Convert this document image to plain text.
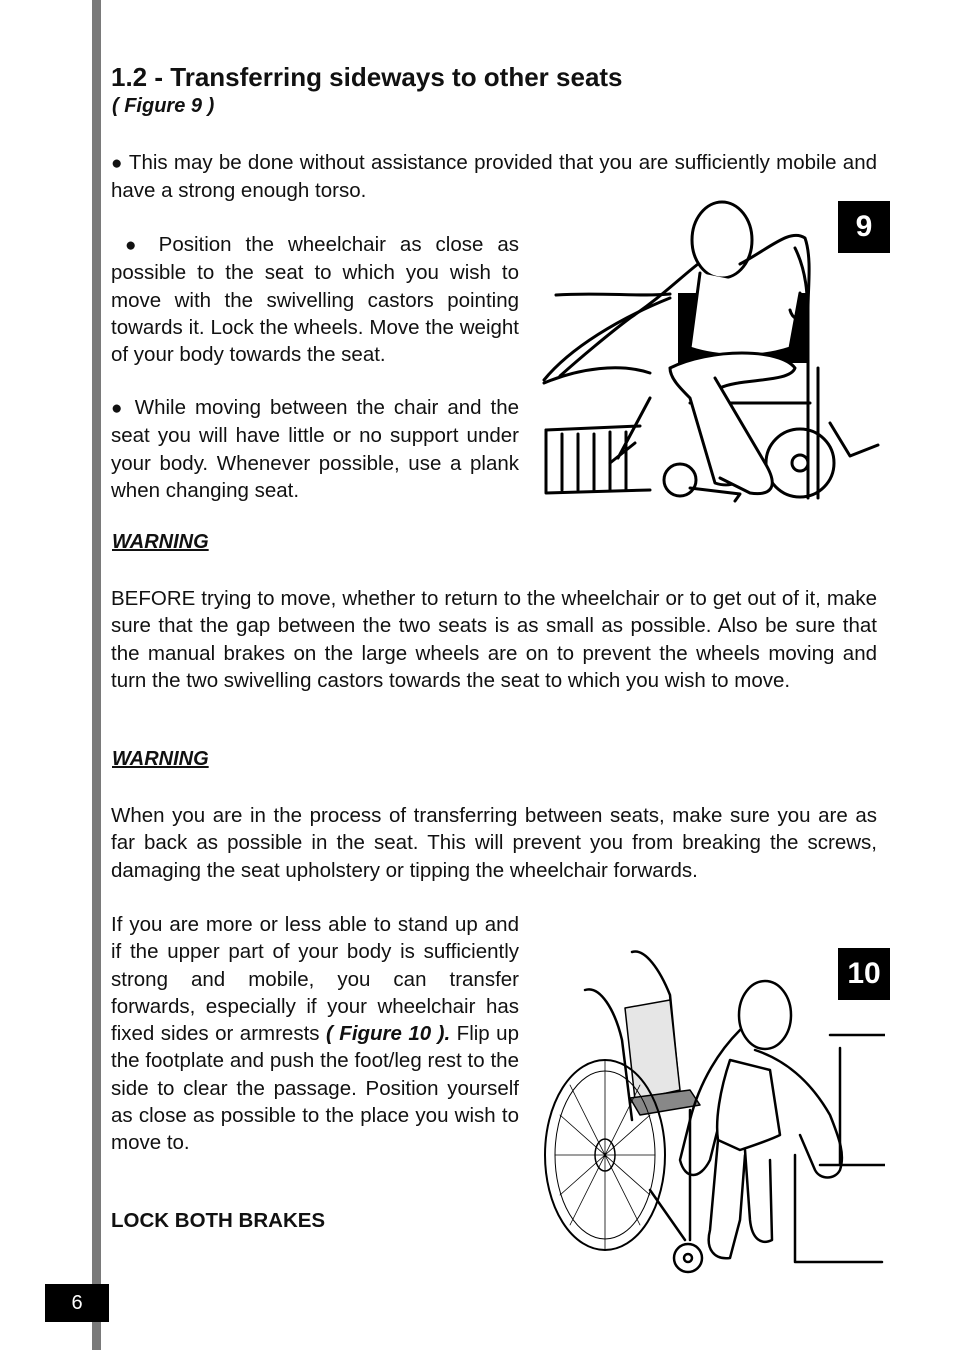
1.2 - Transferring sideways to other seats
( Figure 9 )

● This may be done without assistance provided that you are sufficiently mobile and have a strong enough torso.

● Position the wheelchair as close as possible to the seat to which you wish to move with the swivelling castors pointing towards it. Lock the wheels. Move the weight of your body towards the seat.

● While moving between the chair and the seat you will have little or no support under your body. Whenever possible, use a plank when changing seat.

9
WARNING

BEFORE trying to move, whether to return to the wheelchair or to get out of it, make sure that the gap between the two seats is as small as possible. Also be sure that the manual brakes on the large wheels are on to prevent the wheels moving and turn the two swivelling castors towards the seat to which you wish to move.

WARNING

When you are in the process of transferring between seats, make sure you are as far back as possible in the seat. This will prevent you from breaking the screws, damaging the seat upholstery or tipping the wheelchair forwards.

If you are more or less able to stand up and if the upper part of your body is sufficiently strong and mobile, you can transfer forwards, especially if your wheelchair has fixed sides or armrests ( Figure 10 ). Flip up the footplate and push the foot/leg rest to the side to clear the passage. Position yourself as close as possible to the place you wish to move to.

LOCK BOTH BRAKES
10
6
